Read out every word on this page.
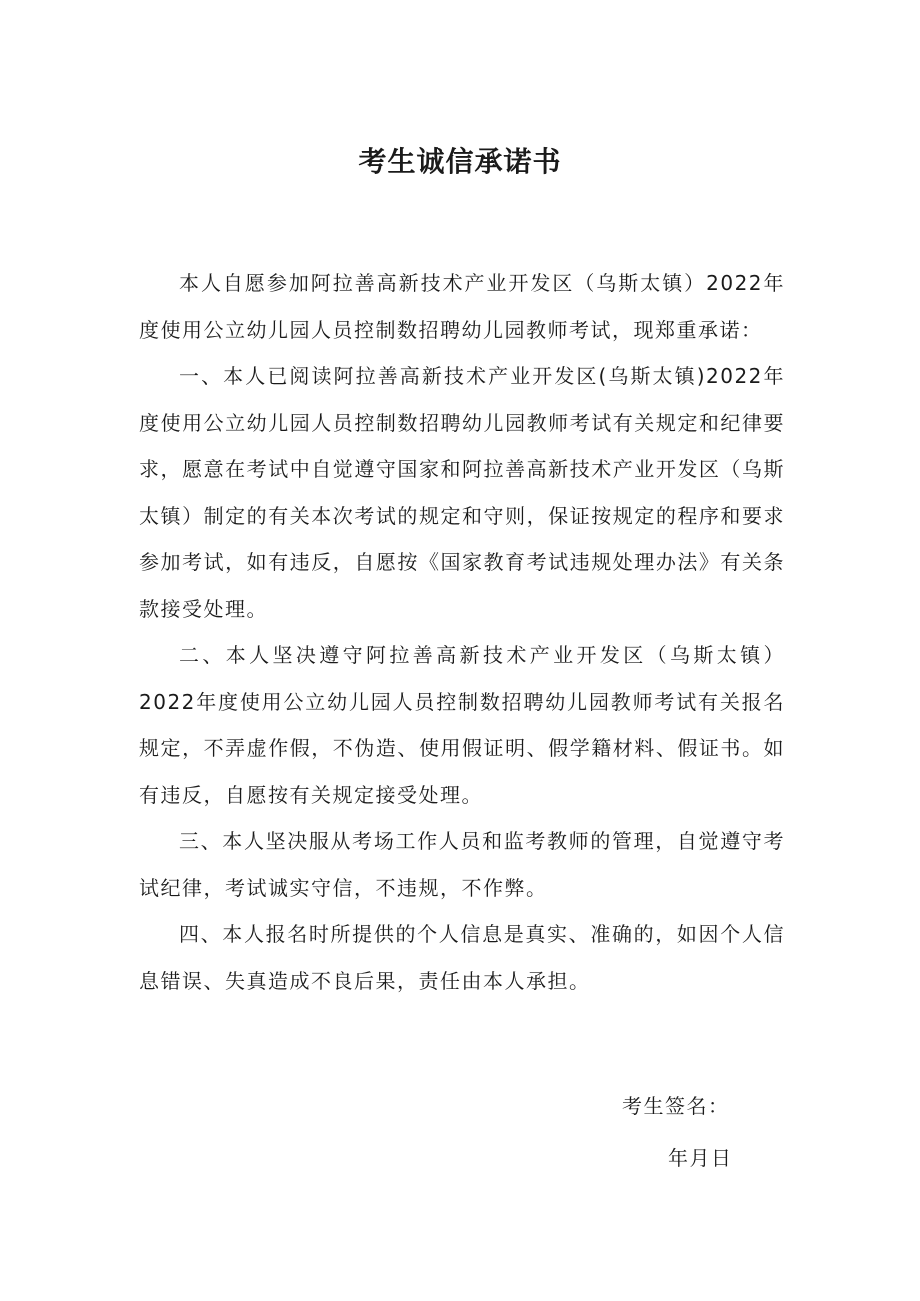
考生诚信承诺书

本人自愿参加阿拉善高新技术产业开发区（乌斯太镇）2022年度使用公立幼儿园人员控制数招聘幼儿园教师考试，现郑重承诺：

一、本人已阅读阿拉善高新技术产业开发区(乌斯太镇)2022年度使用公立幼儿园人员控制数招聘幼儿园教师考试有关规定和纪律要求，愿意在考试中自觉遵守国家和阿拉善高新技术产业开发区（乌斯太镇）制定的有关本次考试的规定和守则，保证按规定的程序和要求参加考试，如有违反，自愿按《国家教育考试违规处理办法》有关条款接受处理。

二、本人坚决遵守阿拉善高新技术产业开发区（乌斯太镇）2022年度使用公立幼儿园人员控制数招聘幼儿园教师考试有关报名规定，不弄虚作假，不伪造、使用假证明、假学籍材料、假证书。如有违反，自愿按有关规定接受处理。

三、本人坚决服从考场工作人员和监考教师的管理，自觉遵守考试纪律，考试诚实守信，不违规，不作弊。

四、本人报名时所提供的个人信息是真实、准确的，如因个人信息错误、失真造成不良后果，责任由本人承担。

考生签名：
年月日
